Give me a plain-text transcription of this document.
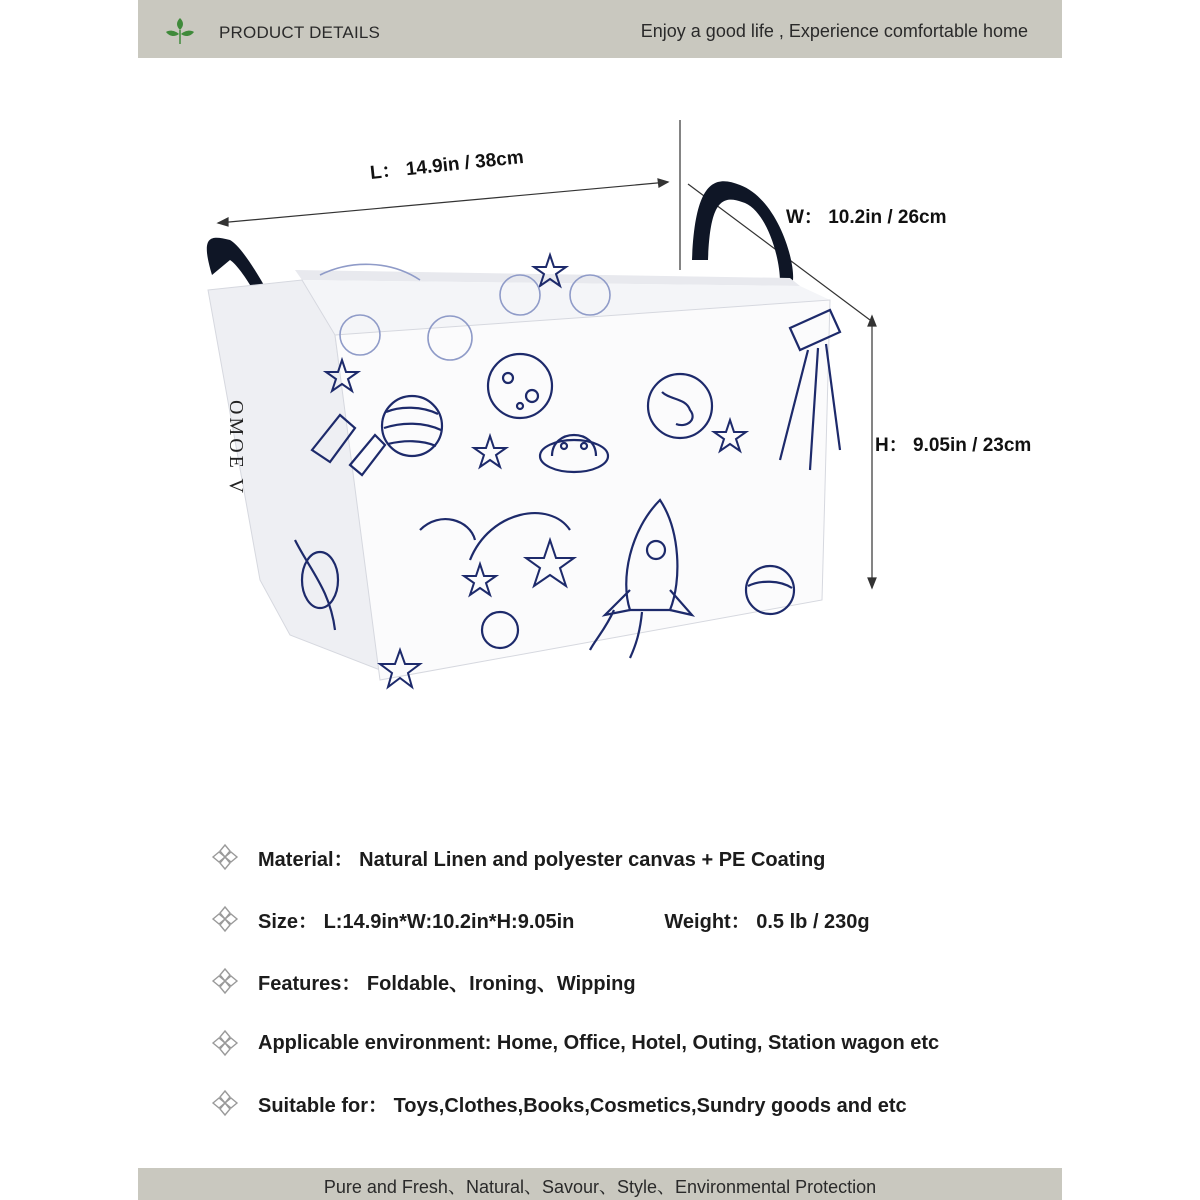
PRODUCT DETAILS	Enjoy a good life , Experience comfortable home
OMOE V
L： 14.9in / 38cm
W： 10.2in / 26cm
H： 9.05in / 23cm
Material： Natural Linen and polyester canvas + PE Coating
Size： L:14.9in*W:10.2in*H:9.05in	Weight： 0.5 lb / 230g
Features： Foldable、Ironing、Wipping
Applicable environment: Home, Office, Hotel, Outing, Station wagon etc
Suitable for： Toys,Clothes,Books,Cosmetics,Sundry goods and etc
Pure and Fresh、Natural、Savour、Style、Environmental Protection
